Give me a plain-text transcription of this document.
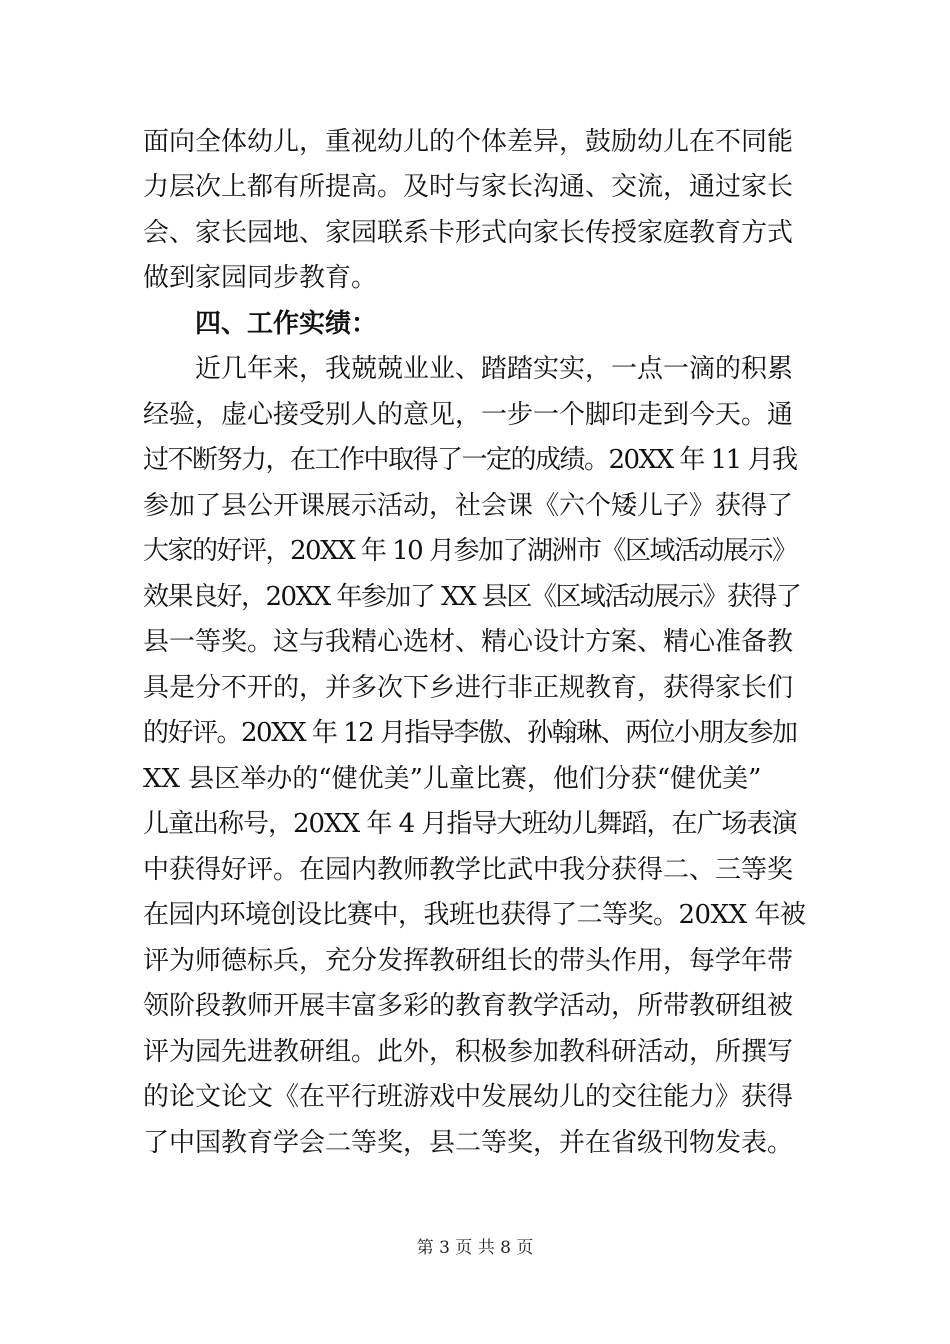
面向全体幼儿，重视幼儿的个体差异，鼓励幼儿在不同能
力层次上都有所提高。及时与家长沟通、交流，通过家长
会、家长园地、家园联系卡形式向家长传授家庭教育方式
做到家园同步教育。
四、工作实绩：
近几年来，我兢兢业业、踏踏实实，一点一滴的积累
经验，虚心接受别人的意见，一步一个脚印走到今天。通
过不断努力，在工作中取得了一定的成绩。20XX 年 11 月我
参加了县公开课展示活动，社会课《六个矮儿子》获得了
大家的好评，20XX 年 10 月参加了湖洲市《区域活动展示》
效果良好，20XX 年参加了 XX 县区《区域活动展示》获得了
县一等奖。这与我精心选材、精心设计方案、精心准备教
具是分不开的，并多次下乡进行非正规教育，获得家长们
的好评。20XX 年 12 月指导李傲、孙翰琳、两位小朋友参加
XX 县区举办的“健优美”儿童比赛，他们分获“健优美”
儿童出称号，20XX 年 4 月指导大班幼儿舞蹈，在广场表演
中获得好评。在园内教师教学比武中我分获得二、三等奖
在园内环境创设比赛中，我班也获得了二等奖。20XX 年被
评为师德标兵，充分发挥教研组长的带头作用，每学年带
领阶段教师开展丰富多彩的教育教学活动，所带教研组被
评为园先进教研组。此外，积极参加教科研活动，所撰写
的论文论文《在平行班游戏中发展幼儿的交往能力》获得
了中国教育学会二等奖，县二等奖，并在省级刊物发表。
第 3 页 共 8 页
